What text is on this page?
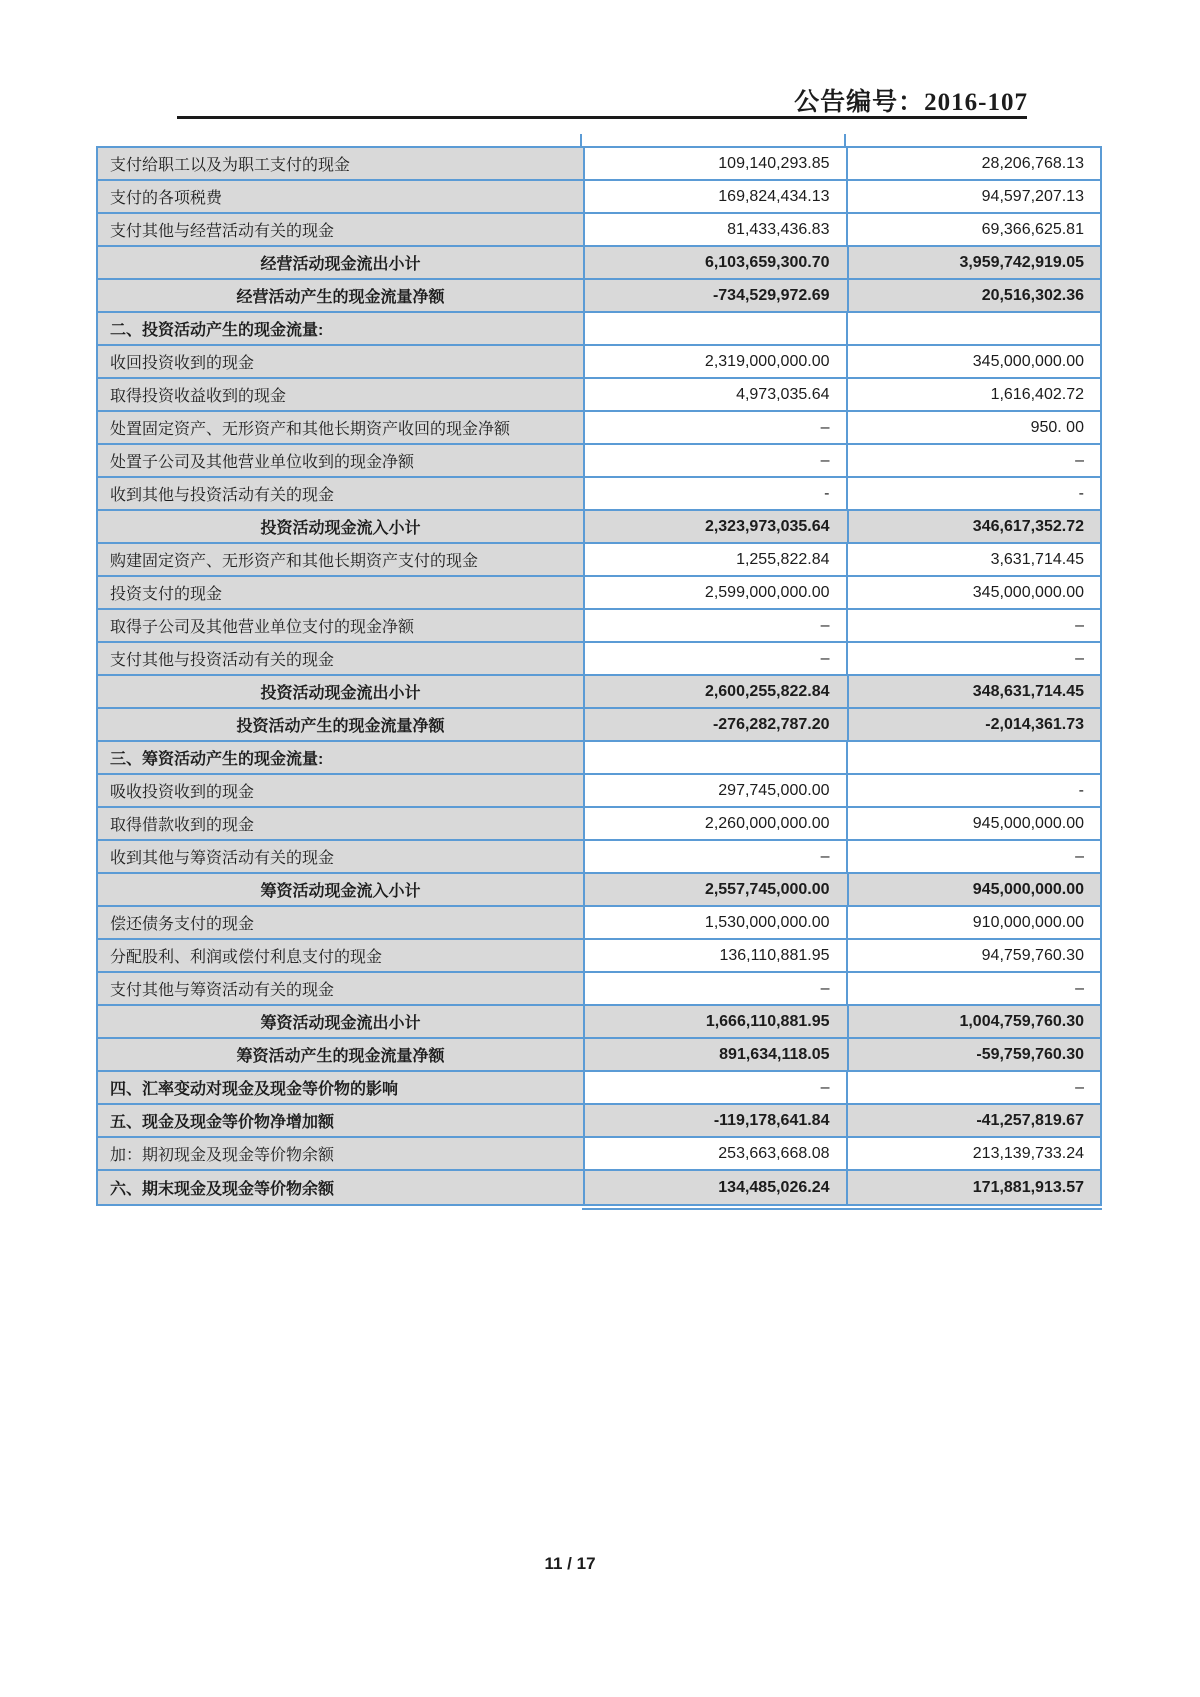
公告编号：2016-107
支付给职工以及为职工支付的现金	109,140,293.85	28,206,768.13
支付的各项税费	169,824,434.13	94,597,207.13
支付其他与经营活动有关的现金	81,433,436.83	69,366,625.81
经营活动现金流出小计	6,103,659,300.70	3,959,742,919.05
经营活动产生的现金流量净额	-734,529,972.69	20,516,302.36
二、投资活动产生的现金流量:
收回投资收到的现金	2,319,000,000.00	345,000,000.00
取得投资收益收到的现金	4,973,035.64	1,616,402.72
处置固定资产、无形资产和其他长期资产收回的现金净额	–	950. 00
处置子公司及其他营业单位收到的现金净额	–	–
收到其他与投资活动有关的现金	-	-
投资活动现金流入小计	2,323,973,035.64	346,617,352.72
购建固定资产、无形资产和其他长期资产支付的现金	1,255,822.84	3,631,714.45
投资支付的现金	2,599,000,000.00	345,000,000.00
取得子公司及其他营业单位支付的现金净额	–	–
支付其他与投资活动有关的现金	–	–
投资活动现金流出小计	2,600,255,822.84	348,631,714.45
投资活动产生的现金流量净额	-276,282,787.20	-2,014,361.73
三、筹资活动产生的现金流量:
吸收投资收到的现金	297,745,000.00	-
取得借款收到的现金	2,260,000,000.00	945,000,000.00
收到其他与筹资活动有关的现金	–	–
筹资活动现金流入小计	2,557,745,000.00	945,000,000.00
偿还债务支付的现金	1,530,000,000.00	910,000,000.00
分配股利、利润或偿付利息支付的现金	136,110,881.95	94,759,760.30
支付其他与筹资活动有关的现金	–	–
筹资活动现金流出小计	1,666,110,881.95	1,004,759,760.30
筹资活动产生的现金流量净额	891,634,118.05	-59,759,760.30
四、汇率变动对现金及现金等价物的影响	–	–
五、现金及现金等价物净增加额	-119,178,641.84	-41,257,819.67
加：期初现金及现金等价物余额	253,663,668.08	213,139,733.24
六、期末现金及现金等价物余额	134,485,026.24	171,881,913.57
11 / 17
